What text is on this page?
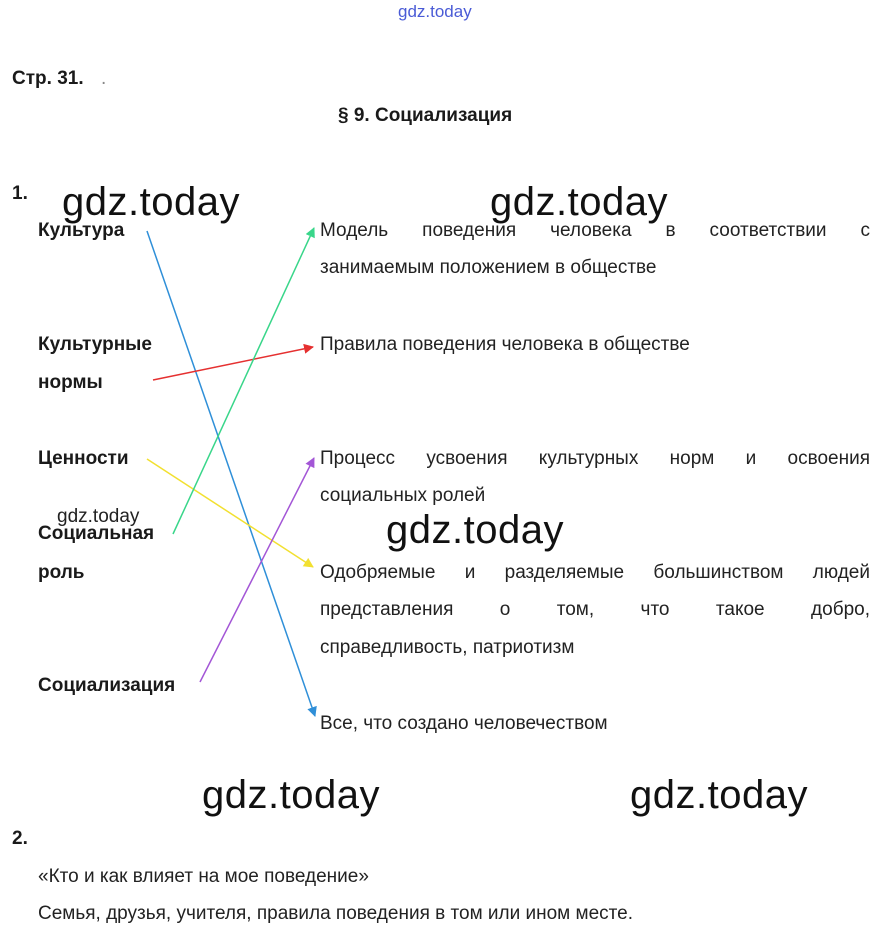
gdz.today
Стр. 31. .
§ 9. Социализация
1.
Культура
Культурные
нормы
Ценности
Социальная
роль
Социализация
Модель поведения человека в соответствии с
занимаемым положением в обществе
Правила поведения человека в обществе
Процесс усвоения культурных норм и освоения
социальных ролей
Одобряемые и разделяемые большинством людей
представления о том, что такое добро,
справедливость, патриотизм
Все, что создано человечеством
gdz.today	gdz.today
gdz.today
gdz.today	gdz.today
gdz.today
2.
«Кто и как влияет на мое поведение»
Семья, друзья, учителя, правила поведения в том или ином месте.
